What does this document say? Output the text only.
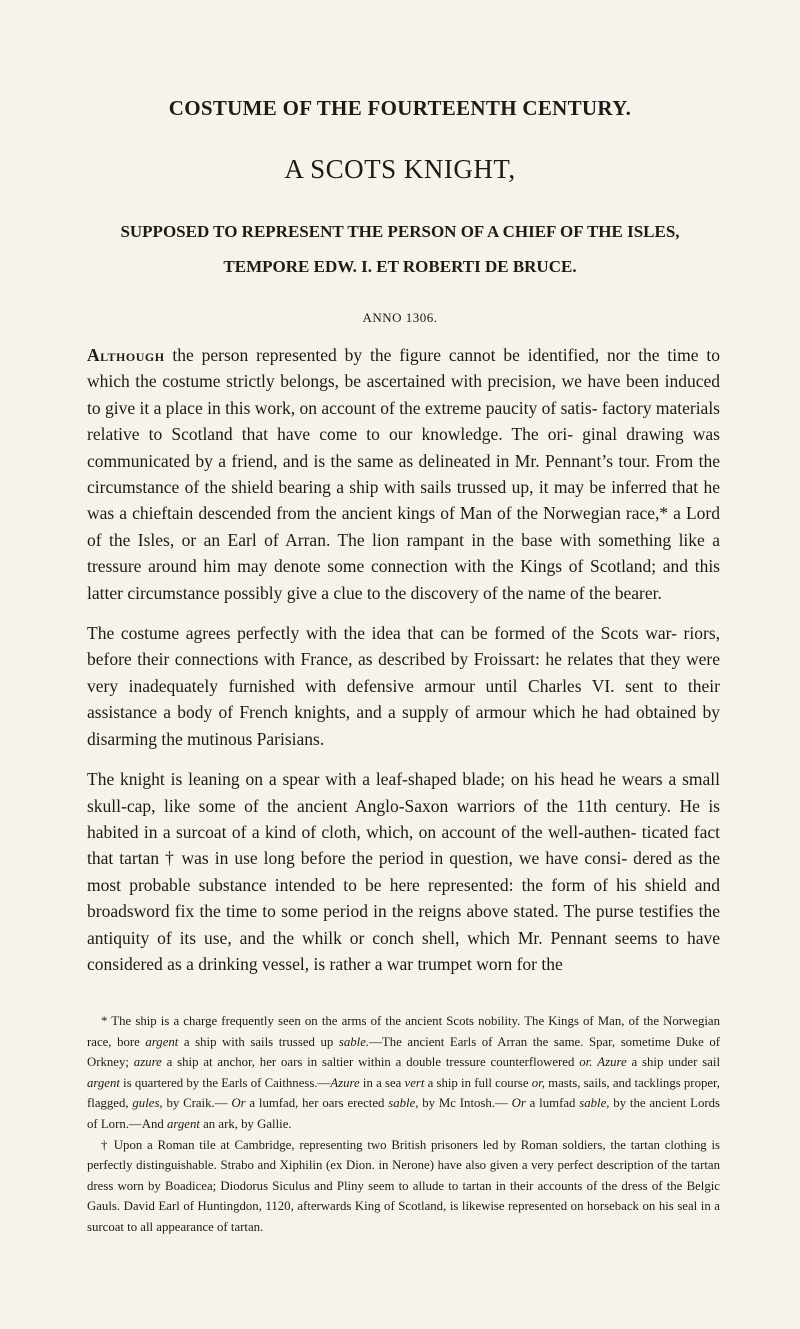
COSTUME OF THE FOURTEENTH CENTURY.
A SCOTS KNIGHT,
SUPPOSED TO REPRESENT THE PERSON OF A CHIEF OF THE ISLES,
TEMPORE EDW. I. ET ROBERTI DE BRUCE.
ANNO 1306.

Although the person represented by the figure cannot be identified, nor the time to which the costume strictly belongs, be ascertained with precision, we have been induced to give it a place in this work, on account of the extreme paucity of satis- factory materials relative to Scotland that have come to our knowledge. The ori- ginal drawing was communicated by a friend, and is the same as delineated in Mr. Pennant’s tour. From the circumstance of the shield bearing a ship with sails trussed up, it may be inferred that he was a chieftain descended from the ancient kings of Man of the Norwegian race,* a Lord of the Isles, or an Earl of Arran. The lion rampant in the base with something like a tressure around him may denote some connection with the Kings of Scotland; and this latter circumstance possibly give a clue to the discovery of the name of the bearer.

The costume agrees perfectly with the idea that can be formed of the Scots war- riors, before their connections with France, as described by Froissart: he relates that they were very inadequately furnished with defensive armour until Charles VI. sent to their assistance a body of French knights, and a supply of armour which he had obtained by disarming the mutinous Parisians.

The knight is leaning on a spear with a leaf-shaped blade; on his head he wears a small skull-cap, like some of the ancient Anglo-Saxon warriors of the 11th century. He is habited in a surcoat of a kind of cloth, which, on account of the well-authen- ticated fact that tartan † was in use long before the period in question, we have consi- dered as the most probable substance intended to be here represented: the form of his shield and broadsword fix the time to some period in the reigns above stated. The purse testifies the antiquity of its use, and the whilk or conch shell, which Mr. Pennant seems to have considered as a drinking vessel, is rather a war trumpet worn for the

* The ship is a charge frequently seen on the arms of the ancient Scots nobility. The Kings of Man, of the Norwegian race, bore argent a ship with sails trussed up sable.—The ancient Earls of Arran the same. Spar, sometime Duke of Orkney; azure a ship at anchor, her oars in saltier within a double tressure counterflowered or. Azure a ship under sail argent is quartered by the Earls of Caithness.—Azure in a sea vert a ship in full course or, masts, sails, and tacklings proper, flagged, gules, by Craik.— Or a lumfad, her oars erected sable, by Mc Intosh.— Or a lumfad sable, by the ancient Lords of Lorn.—And argent an ark, by Gallie.

† Upon a Roman tile at Cambridge, representing two British prisoners led by Roman soldiers, the tartan clothing is perfectly distinguishable. Strabo and Xiphilin (ex Dion. in Nerone) have also given a very perfect description of the tartan dress worn by Boadicea; Diodorus Siculus and Pliny seem to allude to tartan in their accounts of the dress of the Belgic Gauls. David Earl of Huntingdon, 1120, afterwards King of Scotland, is likewise represented on horseback on his seal in a surcoat to all appearance of tartan.
